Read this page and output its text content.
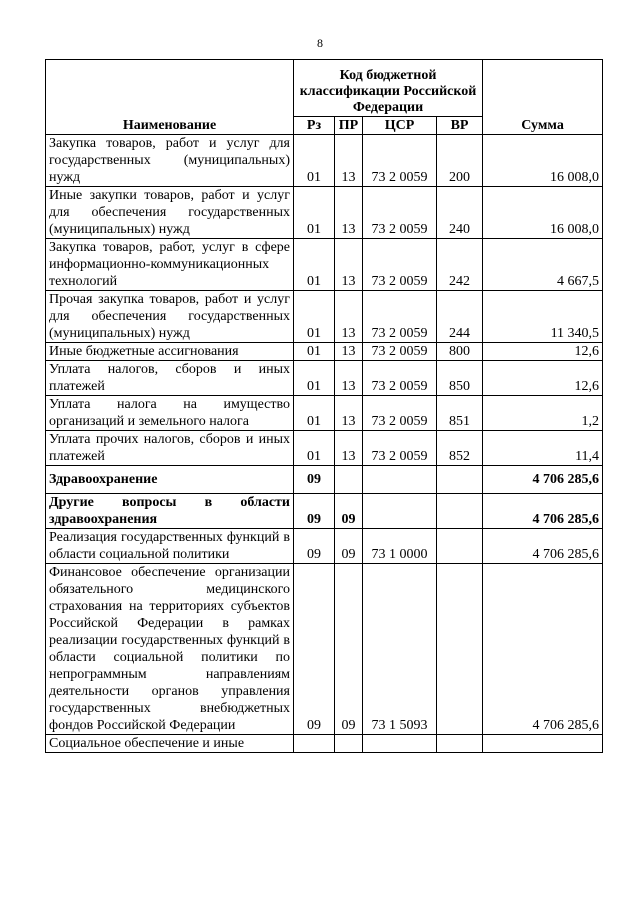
8
Наименование	Код бюджетной классификации Российской Федерации				Сумма
	Рз	ПР	ЦСР	ВР	
Закупка товаров, работ и услуг для государственных (муниципальных) нужд	01	13	73 2 0059	200	16 008,0
Иные закупки товаров, работ и услуг для обеспечения государственных (муниципальных) нужд	01	13	73 2 0059	240	16 008,0
Закупка товаров, работ, услуг в сфере информационно-коммуникационных технологий	01	13	73 2 0059	242	4 667,5
Прочая закупка товаров, работ и услуг для обеспечения государственных (муниципальных) нужд	01	13	73 2 0059	244	11 340,5
Иные бюджетные ассигнования	01	13	73 2 0059	800	12,6
Уплата налогов, сборов и иных платежей	01	13	73 2 0059	850	12,6
Уплата налога на имущество организаций и земельного налога	01	13	73 2 0059	851	1,2
Уплата прочих налогов, сборов и иных платежей	01	13	73 2 0059	852	11,4
Здравоохранение	09				4 706 285,6
Другие вопросы в области здравоохранения	09	09			4 706 285,6
Реализация государственных функций в области социальной политики	09	09	73 1 0000		4 706 285,6
Финансовое обеспечение организации обязательного медицинского страхования на территориях субъектов Российской Федерации в рамках реализации государственных функций в области социальной политики по непрограммным направлениям деятельности органов управления государственных внебюджетных фондов Российской Федерации	09	09	73 1 5093		4 706 285,6
Социальное обеспечение и иные					
